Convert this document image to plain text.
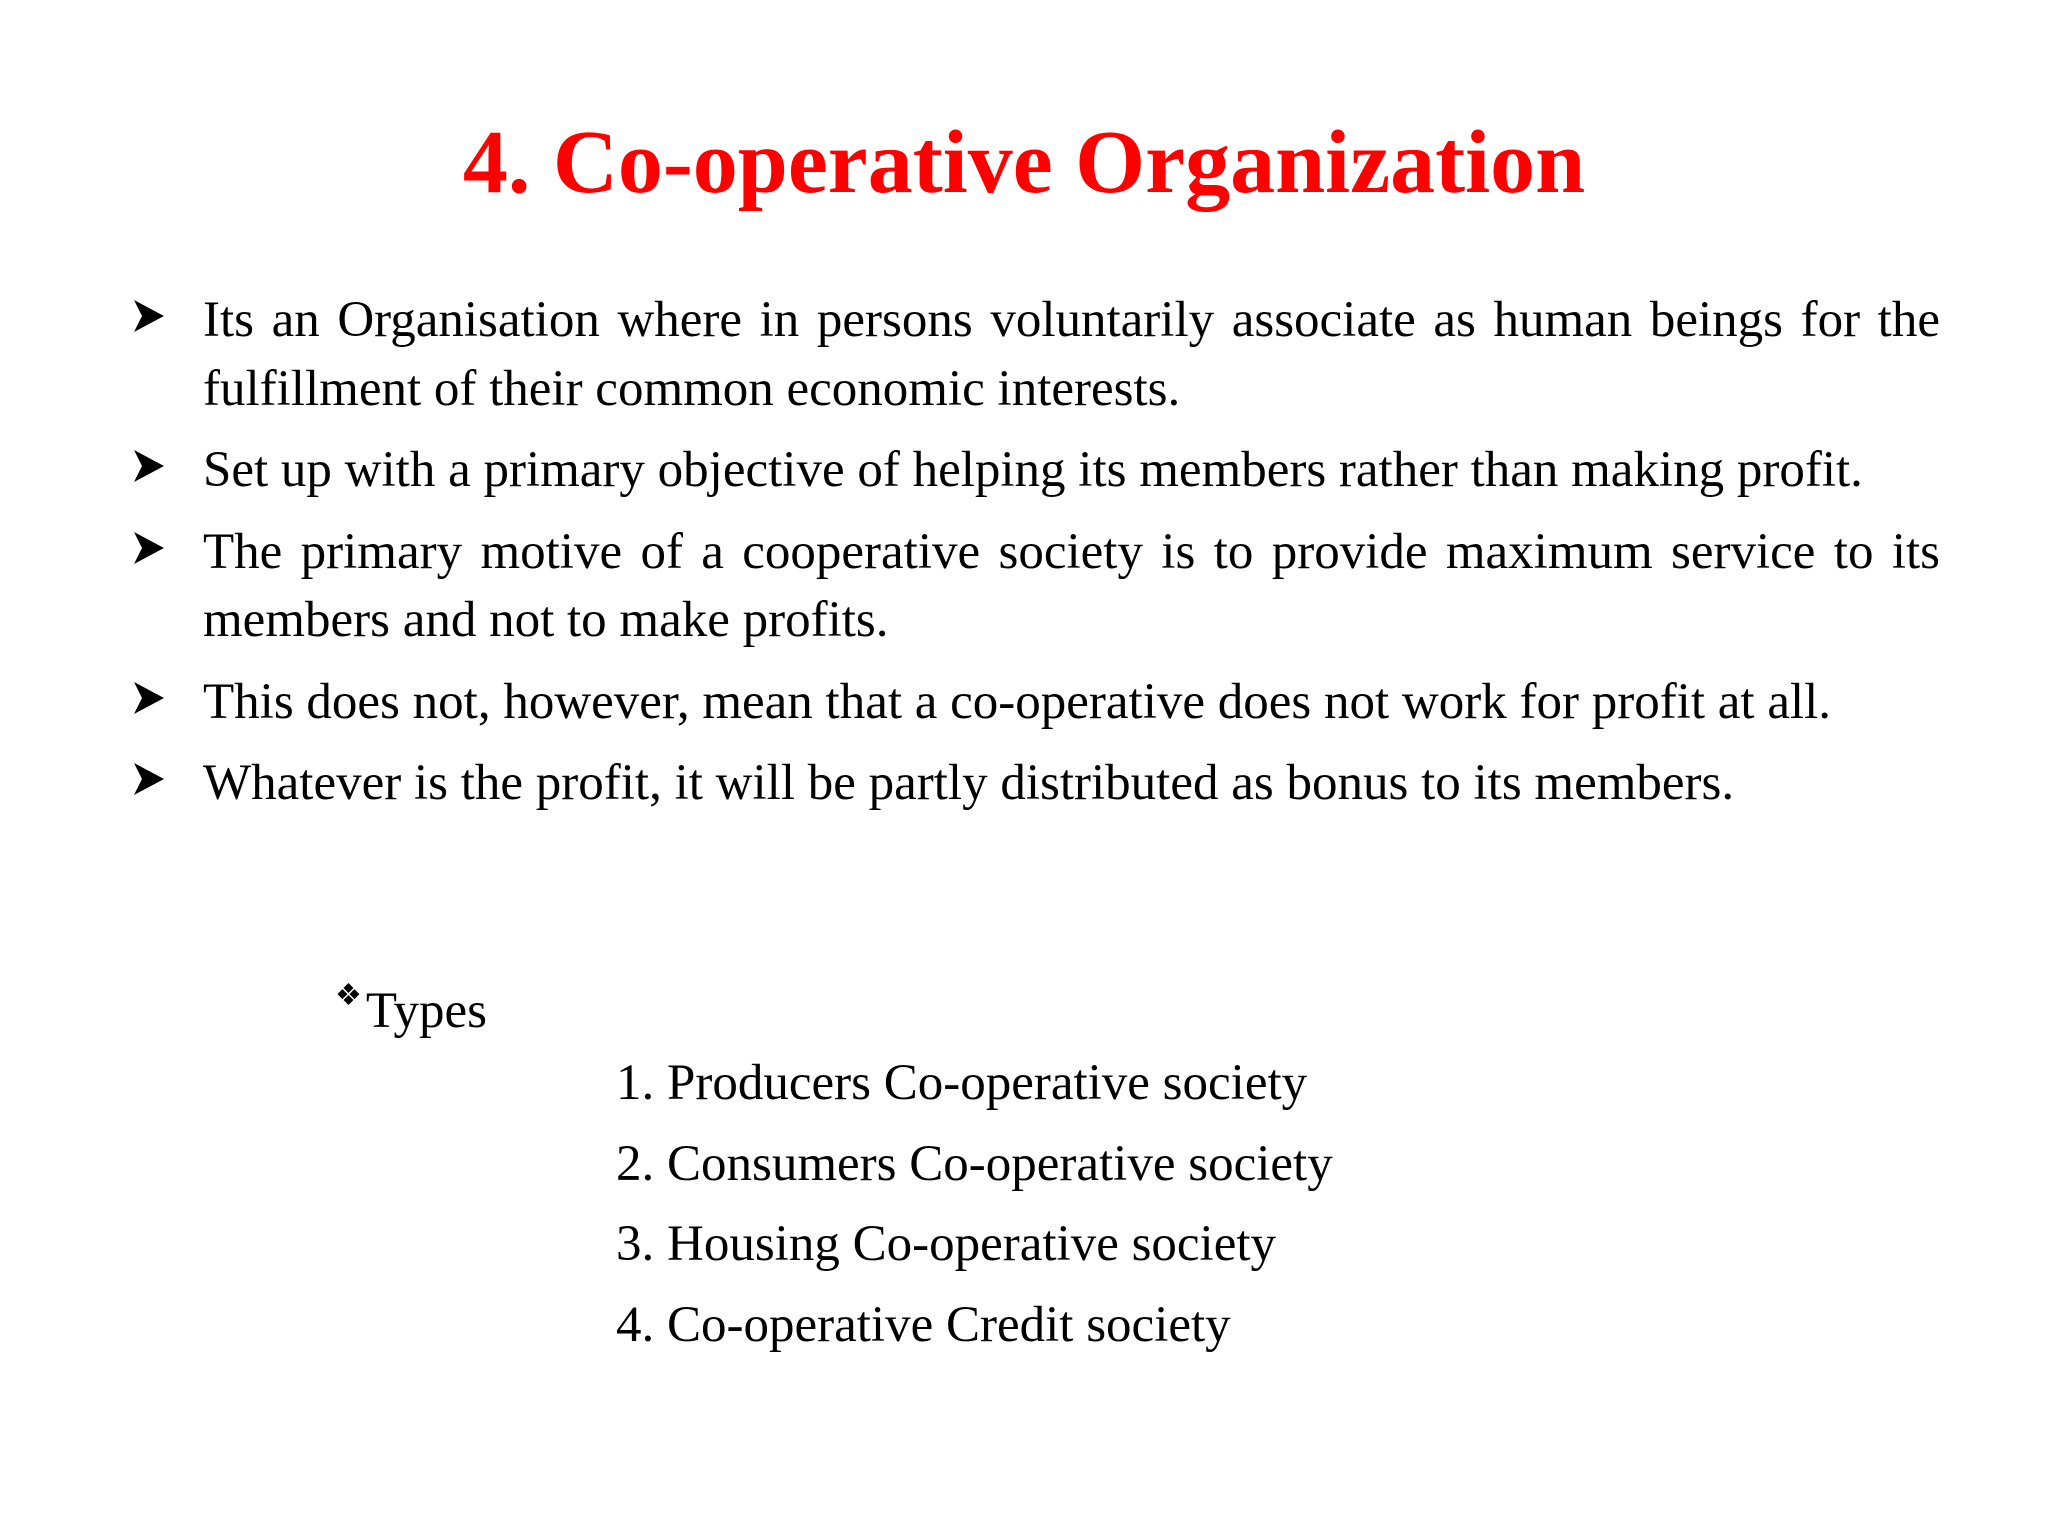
4. Co-operative Organization
Its an Organisation where in persons voluntarily associate as human beings for the fulfillment of their common economic interests.
Set up with a primary objective of helping its members rather than making profit.
The primary motive of a cooperative society is to provide maximum service to its members and not to make profits.
This does not, however, mean that a co-operative does not work for profit at all.
Whatever is the profit, it will be partly distributed as bonus to its members.
❖Types
1. Producers Co-operative society
2. Consumers Co-operative society
3. Housing Co-operative society
4. Co-operative Credit society
